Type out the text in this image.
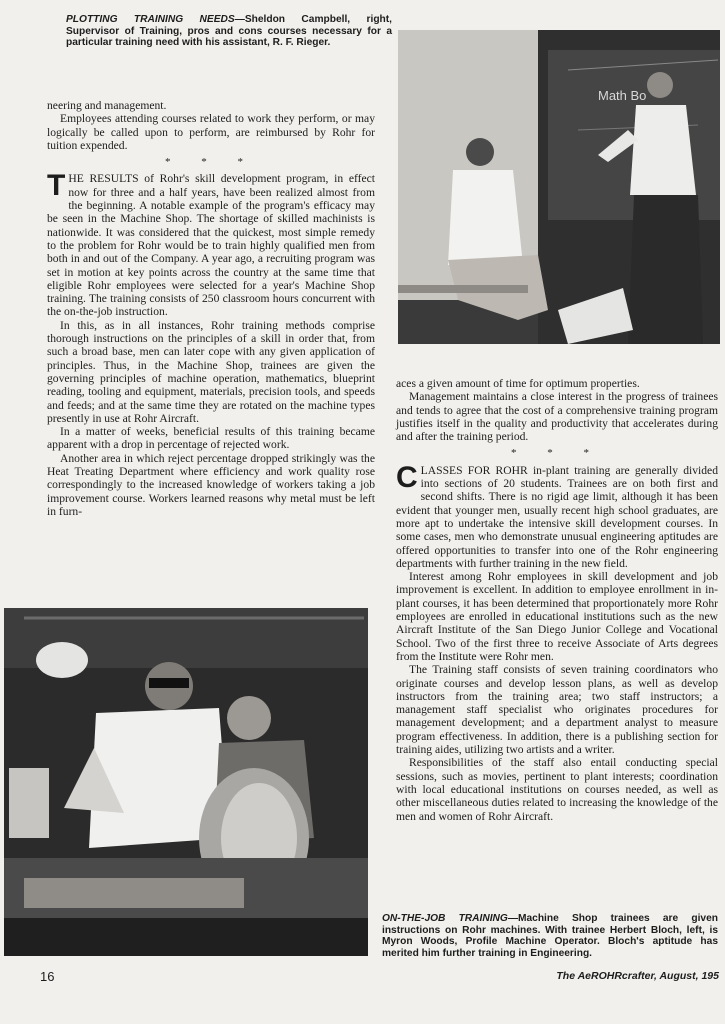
PLOTTING TRAINING NEEDS—Sheldon Campbell, right, Supervisor of Training, pros and cons courses necessary for a particular training need with his assistant, R. F. Rieger.
Math Bo

neering and management.

Employees attending courses related to work they perform, or may logically be called upon to perform, are reimbursed by Rohr for tuition expended.

* * *

THE RESULTS of Rohr's skill development program, in effect now for three and a half years, have been realized almost from the beginning. A notable example of the program's efficacy may be seen in the Machine Shop. The shortage of skilled machinists is nationwide. It was considered that the quickest, most simple remedy to the problem for Rohr would be to train highly qualified men from both in and out of the Company. A year ago, a recruiting program was set in motion at key points across the country at the same time that eligible Rohr employees were selected for a year's Machine Shop training. The training consists of 250 classroom hours concurrent with the on-the-job instruction.

In this, as in all instances, Rohr training methods comprise thorough instructions on the principles of a skill in order that, from such a broad base, men can later cope with any given application of principles. Thus, in the Machine Shop, trainees are given the governing principles of machine operation, mathematics, blueprint reading, tooling and equipment, materials, precision tools, and speeds and feeds; and at the same time they are rotated on the machine types presently in use at Rohr Aircraft.

In a matter of weeks, beneficial results of this training became apparent with a drop in percentage of rejected work.

Another area in which reject percentage dropped strikingly was the Heat Treating Department where efficiency and work quality rose correspondingly to the increased knowledge of workers taking a job improvement course. Workers learned reasons why metal must be left in furn-

aces a given amount of time for optimum properties.

Management maintains a close interest in the progress of trainees and tends to agree that the cost of a comprehensive training program justifies itself in the quality and productivity that accelerates during and after the training period.

* * *

CLASSES FOR ROHR in-plant training are generally divided into sections of 20 students. Trainees are on both first and second shifts. There is no rigid age limit, although it has been evident that younger men, usually recent high school graduates, are more apt to undertake the intensive skill development courses. In some cases, men who demonstrate unusual engineering aptitudes are offered opportunities to transfer into one of the Rohr engineering departments with further training in the new field.

Interest among Rohr employees in skill development and job improvement is excellent. In addition to employee enrollment in in-plant courses, it has been determined that proportionately more Rohr employees are enrolled in educational institutions such as the new Aircraft Institute of the San Diego Junior College and Vocational School. Two of the first three to receive Associate of Arts degrees from the Institute were Rohr men.

The Training staff consists of seven training coordinators who originate courses and develop lesson plans, as well as develop instructors from the training area; two staff instructors; a management staff specialist who originates procedures for management development; and a department analyst to measure program effectiveness. In addition, there is a publishing section for training aides, utilizing two artists and a writer.

Responsibilities of the staff also entail conducting special sessions, such as movies, pertinent to plant interests; coordination with local educational institutions on courses needed, as well as other miscellaneous duties related to increasing the knowledge of the men and women of Rohr Aircraft.

ON-THE-JOB TRAINING—Machine Shop trainees are given instructions on Rohr machines. With trainee Herbert Bloch, left, is Myron Woods, Profile Machine Operator. Bloch's aptitude has merited him further training in Engineering.
16	The AeROHRcrafter, August, 195
